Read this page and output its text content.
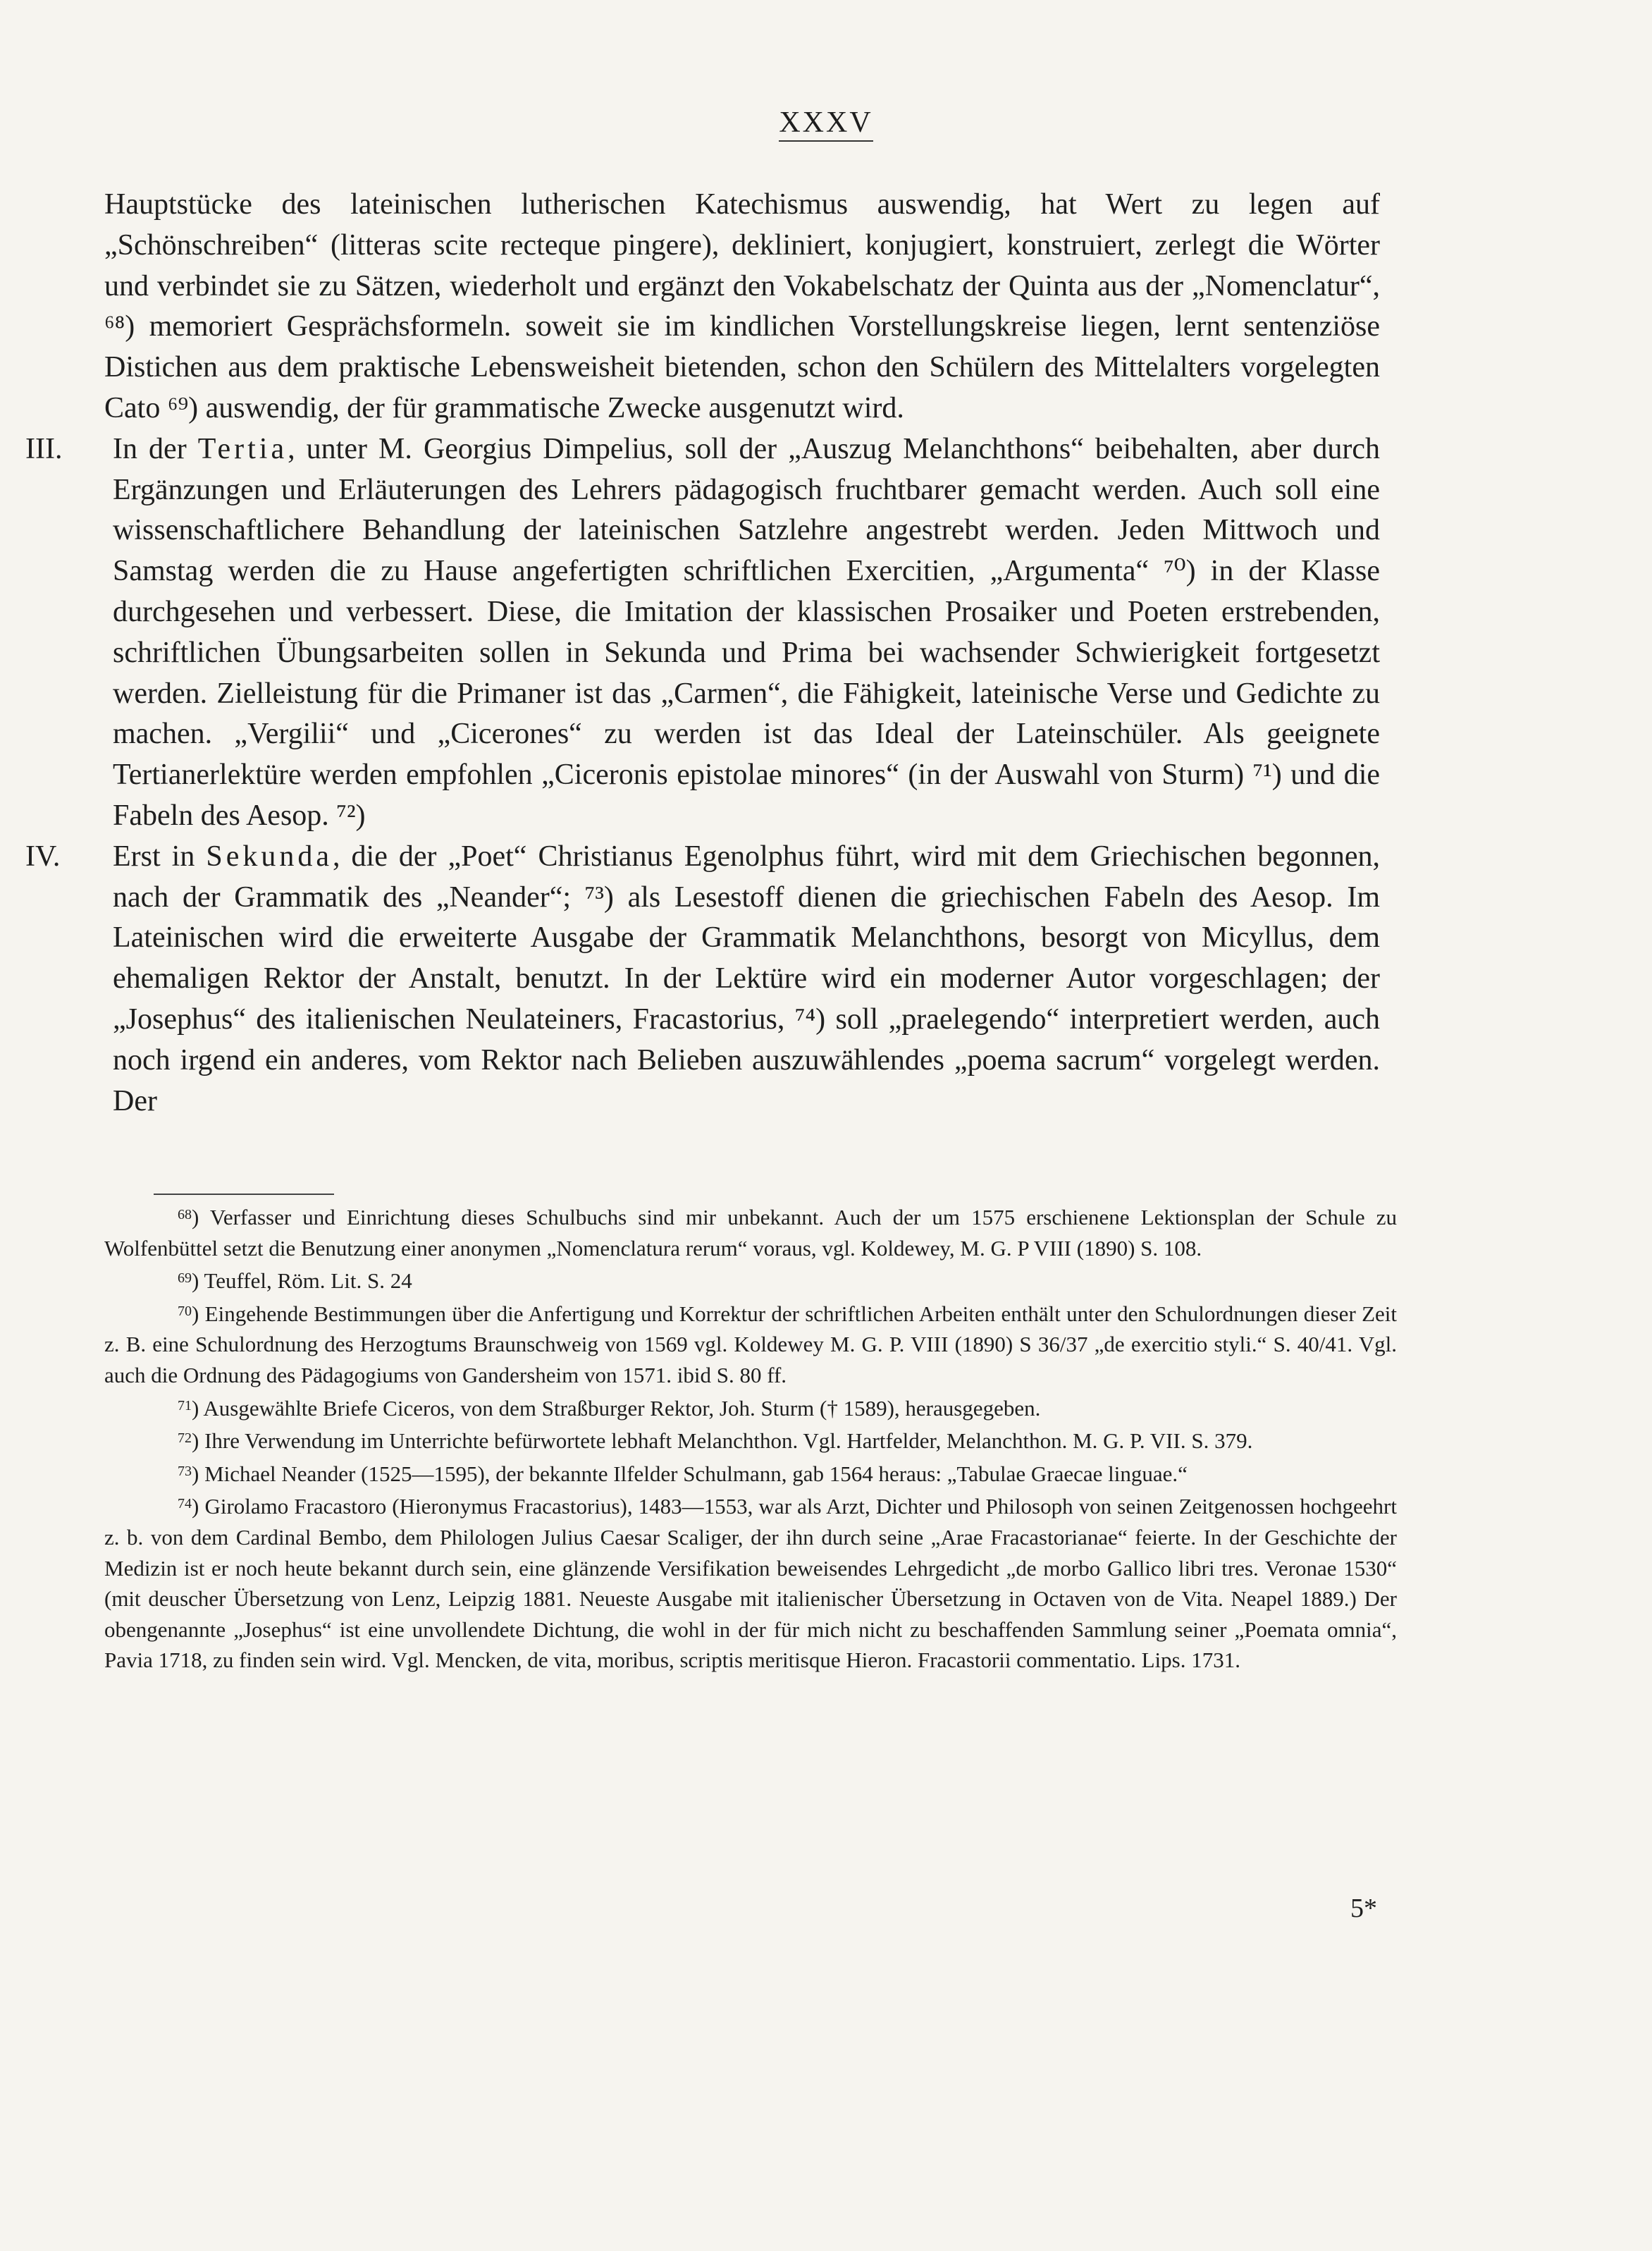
XXXV

Hauptstücke des lateinischen lutherischen Katechismus auswendig, hat Wert zu legen auf „Schönschreiben“ (litteras scite recteque pingere), dekliniert, konjugiert, konstruiert, zerlegt die Wörter und verbindet sie zu Sätzen, wiederholt und ergänzt den Vokabelschatz der Quinta aus der „Nomenclatur“, ⁶⁸) memoriert Gesprächsformeln. soweit sie im kindlichen Vorstellungskreise liegen, lernt sentenziöse Distichen aus dem praktische Lebensweisheit bietenden, schon den Schülern des Mittelalters vorgelegten Cato ⁶⁹) auswendig, der für grammatische Zwecke ausgenutzt wird.

III. In der Tertia, unter M. Georgius Dimpelius, soll der „Auszug Melanchthons“ beibehalten, aber durch Ergänzungen und Erläuterungen des Lehrers pädagogisch fruchtbarer gemacht werden. Auch soll eine wissenschaftlichere Behandlung der lateinischen Satzlehre angestrebt werden. Jeden Mittwoch und Samstag werden die zu Hause angefertigten schriftlichen Exercitien, „Argumenta“ ⁷⁰) in der Klasse durchgesehen und verbessert. Diese, die Imitation der klassischen Prosaiker und Poeten erstrebenden, schriftlichen Übungsarbeiten sollen in Sekunda und Prima bei wachsender Schwierigkeit fortgesetzt werden. Zielleistung für die Primaner ist das „Carmen“, die Fähigkeit, lateinische Verse und Gedichte zu machen. „Vergilii“ und „Cicerones“ zu werden ist das Ideal der Lateinschüler. Als geeignete Tertianerlektüre werden empfohlen „Ciceronis epistolae minores“ (in der Auswahl von Sturm) ⁷¹) und die Fabeln des Aesop. ⁷²)

IV. Erst in Sekunda, die der „Poet“ Christianus Egenolphus führt, wird mit dem Griechischen begonnen, nach der Grammatik des „Neander“; ⁷³) als Lesestoff dienen die griechischen Fabeln des Aesop. Im Lateinischen wird die erweiterte Ausgabe der Grammatik Melanchthons, besorgt von Micyllus, dem ehemaligen Rektor der Anstalt, benutzt. In der Lektüre wird ein moderner Autor vorgeschlagen; der „Josephus“ des italienischen Neulateiners, Fracastorius, ⁷⁴) soll „praelegendo“ interpretiert werden, auch noch irgend ein anderes, vom Rektor nach Belieben auszuwählendes „poema sacrum“ vorgelegt werden. Der

$^{68}$) Verfasser und Einrichtung dieses Schulbuchs sind mir unbekannt. Auch der um 1575 erschienene Lektionsplan der Schule zu Wolfenbüttel setzt die Benutzung einer anonymen „Nomenclatura rerum“ voraus, vgl. Koldewey, M. G. P VIII (1890) S. 108.

$^{69}$) Teuffel, Röm. Lit. S. 24

$^{70}$) Eingehende Bestimmungen über die Anfertigung und Korrektur der schriftlichen Arbeiten enthält unter den Schulordnungen dieser Zeit z. B. eine Schulordnung des Herzogtums Braunschweig von 1569 vgl. Koldewey M. G. P. VIII (1890) S 36/37 „de exercitio styli.“ S. 40/41. Vgl. auch die Ordnung des Pädagogiums von Gandersheim von 1571. ibid S. 80 ff.

$^{71}$) Ausgewählte Briefe Ciceros, von dem Straßburger Rektor, Joh. Sturm († 1589), herausgegeben.

$^{72}$) Ihre Verwendung im Unterrichte befürwortete lebhaft Melanchthon. Vgl. Hartfelder, Melanchthon. M. G. P. VII. S. 379.

$^{73}$) Michael Neander (1525—1595), der bekannte Ilfelder Schulmann, gab 1564 heraus: „Tabulae Graecae linguae.“

$^{74}$) Girolamo Fracastoro (Hieronymus Fracastorius), 1483—1553, war als Arzt, Dichter und Philosoph von seinen Zeitgenossen hochgeehrt z. b. von dem Cardinal Bembo, dem Philologen Julius Caesar Scaliger, der ihn durch seine „Arae Fracastorianae“ feierte. In der Geschichte der Medizin ist er noch heute bekannt durch sein, eine glänzende Versifikation beweisendes Lehrgedicht „de morbo Gallico libri tres. Veronae 1530“ (mit deuscher Übersetzung von Lenz, Leipzig 1881. Neueste Ausgabe mit italienischer Übersetzung in Octaven von de Vita. Neapel 1889.) Der obengenannte „Josephus“ ist eine unvollendete Dichtung, die wohl in der für mich nicht zu beschaffenden Sammlung seiner „Poemata omnia“, Pavia 1718, zu finden sein wird. Vgl. Mencken, de vita, moribus, scriptis meritisque Hieron. Fracastorii commentatio. Lips. 1731.

5*
